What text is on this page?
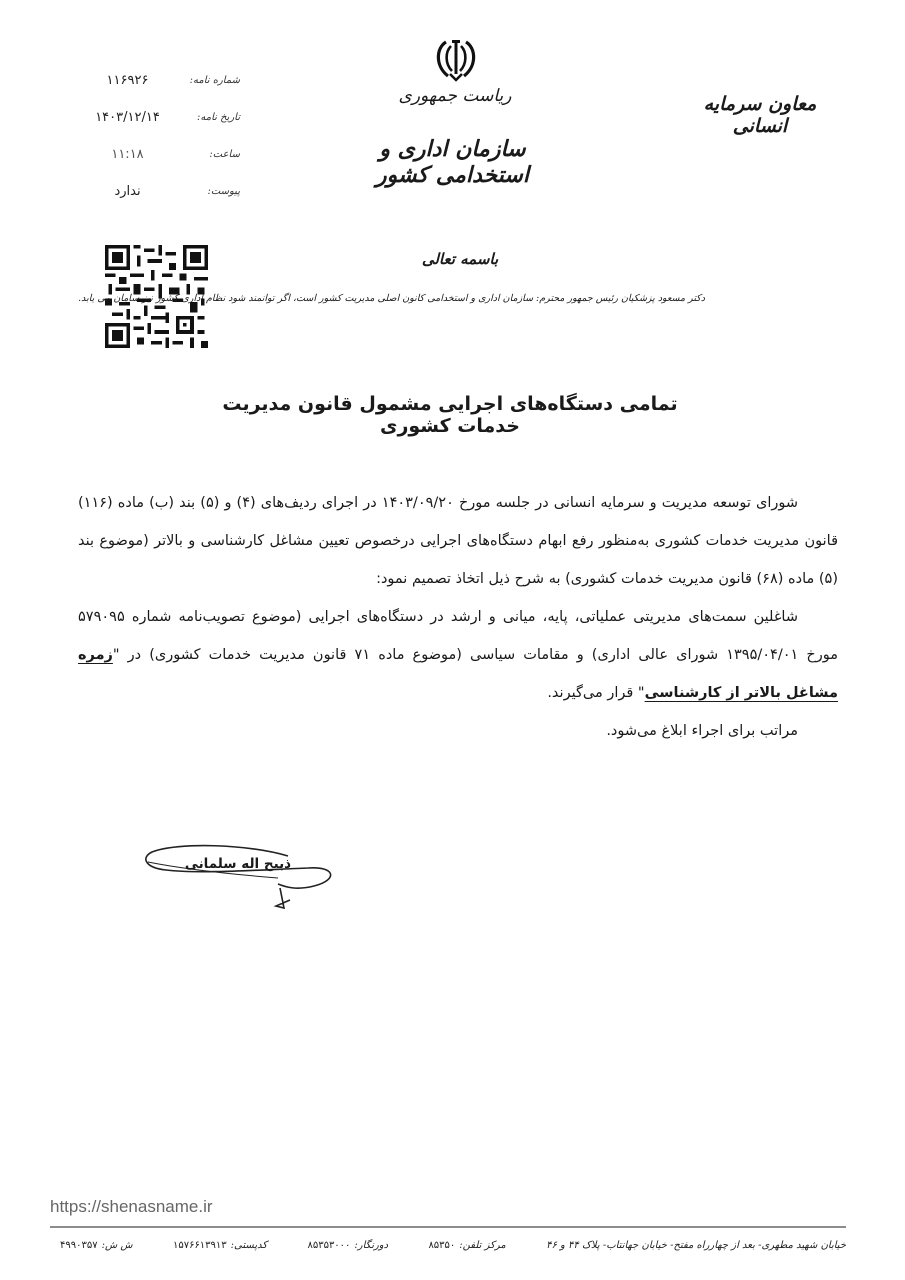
شماره نامه:
۱۱۶۹۲۶
تاریخ نامه:
۱۴۰۳/۱۲/۱۴
ساعت:
۱۱:۱۸
پیوست:
ندارد
ریاست جمهوری
سازمان اداری و استخدامی کشور
معاون سرمایه انسانی
باسمه تعالی
دکتر مسعود پزشکیان رئیس جمهور محترم: سازمان اداری و استخدامی کانون اصلی مدیریت کشور است، اگر توانمند شود نظام اداری کشور نیز سامان می یابد.
تمامی دستگاه‌های اجرایی مشمول قانون مدیریت خدمات کشوری

شورای توسعه مدیریت و سرمایه انسانی در جلسه مورخ ۱۴۰۳/۰۹/۲۰ در اجرای ردیف‌های (۴) و (۵) بند (ب) ماده (۱۱۶) قانون مدیریت خدمات کشوری به‌منظور رفع ابهام دستگاه‌های اجرایی درخصوص تعیین مشاغل کارشناسی و بالاتر (موضوع بند (۵) ماده (۶۸) قانون مدیریت خدمات کشوری) به شرح ذیل اتخاذ تصمیم نمود:

شاغلین سمت‌های مدیریتی عملیاتی، پایه، میانی و ارشد در دستگاه‌های اجرایی (موضوع تصویب‌نامه شماره ۵۷۹۰۹۵ مورخ ۱۳۹۵/۰۴/۰۱ شورای عالی اداری) و مقامات سیاسی (موضوع ماده ۷۱ قانون مدیریت خدمات کشوری) در "زمره مشاغل بالاتر از کارشناسی" قرار می‌گیرند.

مراتب برای اجراء ابلاغ می‌شود.

ذبیح اله سلمانی
https://shenasname.ir
خیابان شهید مطهری- بعد از چهارراه مفتح- خیابان جهانتاب- پلاک ۴۴ و ۴۶
مرکز تلفن:۸۵۳۵۰
دورنگار:۸۵۳۵۳۰۰۰
کدپستی:۱۵۷۶۶۱۳۹۱۳
ش ش:۴۹۹۰۳۵۷
